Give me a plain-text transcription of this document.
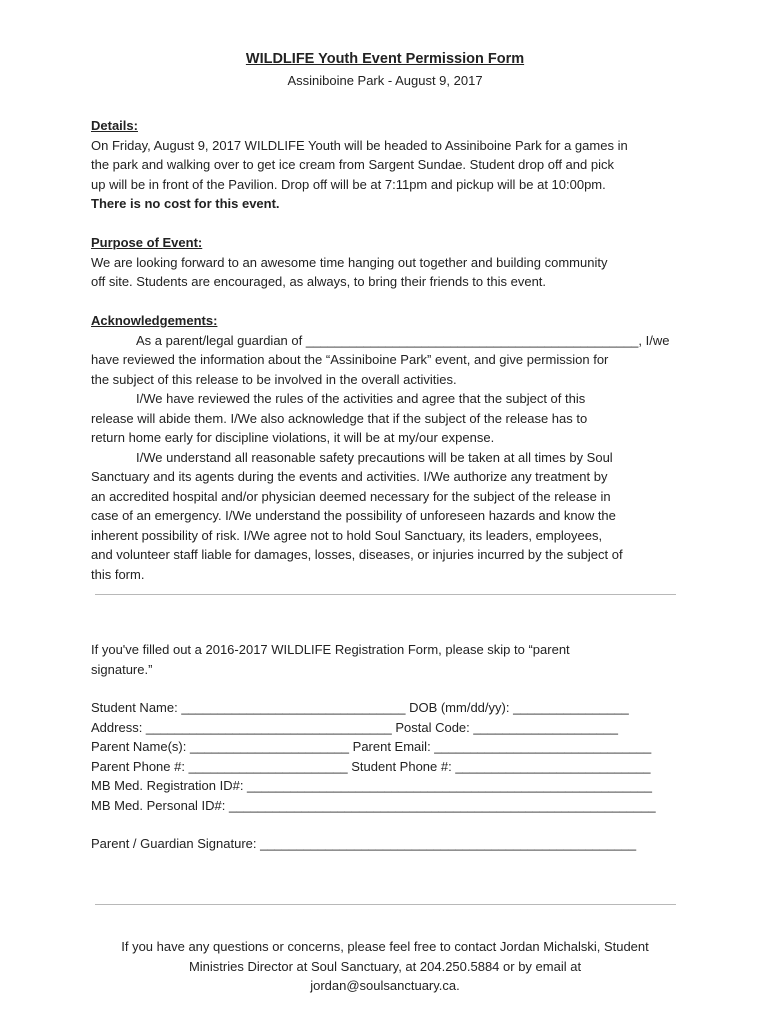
WILDLIFE Youth Event Permission Form
Assiniboine Park - August 9, 2017
Details:
On Friday, August 9, 2017 WILDLIFE Youth will be headed to Assiniboine Park for a games in
the park and walking over to get ice cream from Sargent Sundae. Student drop off and pick
up will be in front of the Pavilion. Drop off will be at 7:11pm and pickup will be at 10:00pm.
There is no cost for this event.
Purpose of Event:
We are looking forward to an awesome time hanging out together and building community
off site. Students are encouraged, as always, to bring their friends to this event.
Acknowledgements:
As a parent/legal guardian of ______________________________________________, I/we
have reviewed the information about the “Assiniboine Park” event, and give permission for
the subject of this release to be involved in the overall activities.
I/We have reviewed the rules of the activities and agree that the subject of this
release will abide them. I/We also acknowledge that if the subject of the release has to
return home early for discipline violations, it will be at my/our expense.
I/We understand all reasonable safety precautions will be taken at all times by Soul
Sanctuary and its agents during the events and activities. I/We authorize any treatment by
an accredited hospital and/or physician deemed necessary for the subject of the release in
case of an emergency. I/We understand the possibility of unforeseen hazards and know the
inherent possibility of risk. I/We agree not to hold Soul Sanctuary, its leaders, employees,
and volunteer staff liable for damages, losses, diseases, or injuries incurred by the subject of
this form.
If you've filled out a 2016-2017 WILDLIFE Registration Form, please skip to “parent
signature.”
Student Name: _______________________________ DOB (mm/dd/yy): ________________
Address: __________________________________ Postal Code: ____________________
Parent Name(s): ______________________ Parent Email: ______________________________
Parent Phone #: ______________________ Student Phone #: ___________________________
MB Med. Registration ID#: ________________________________________________________
MB Med. Personal ID#: ___________________________________________________________
Parent / Guardian Signature: ____________________________________________________
If you have any questions or concerns, please feel free to contact Jordan Michalski, Student
Ministries Director at Soul Sanctuary, at 204.250.5884 or by email at
jordan@soulsanctuary.ca.
